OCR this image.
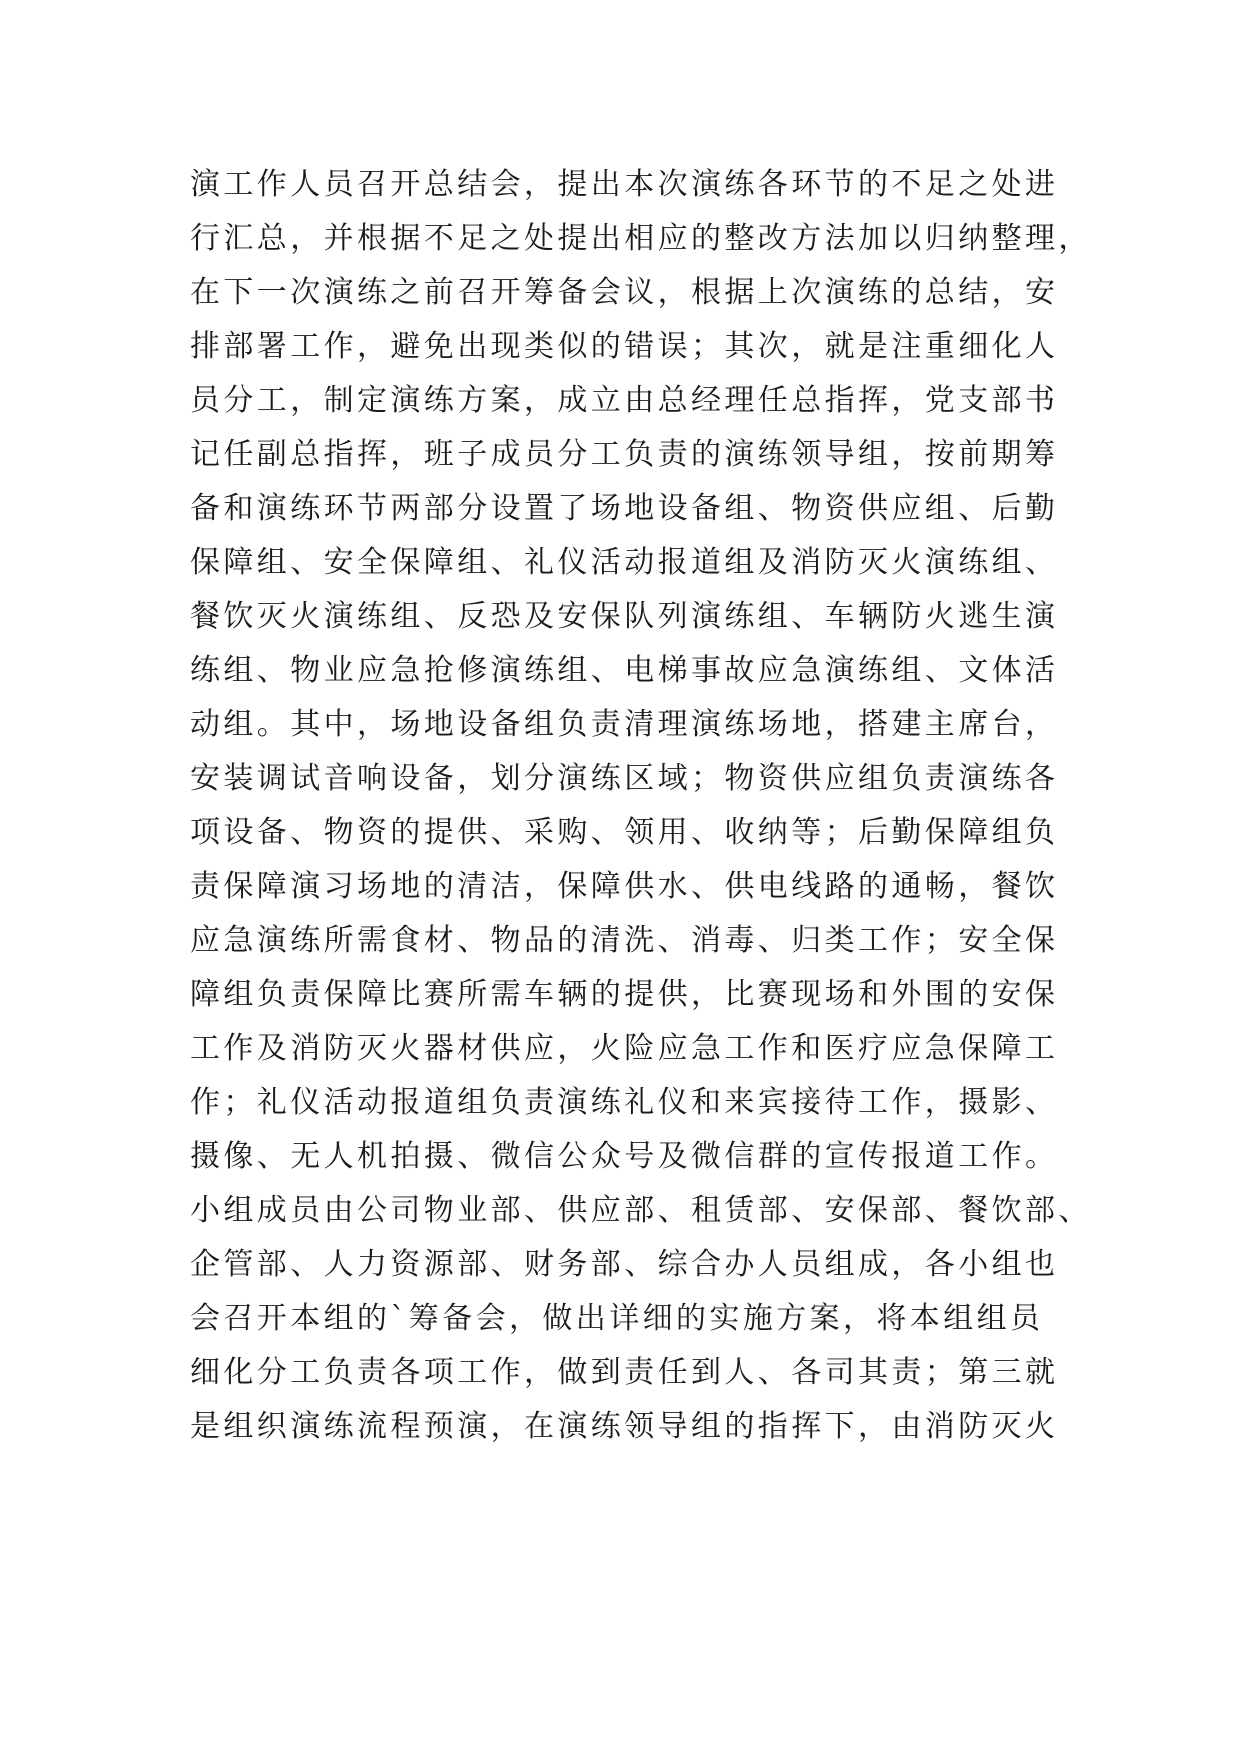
演工作人员召开总结会，提出本次演练各环节的不足之处进
行汇总，并根据不足之处提出相应的整改方法加以归纳整理，
在下一次演练之前召开筹备会议，根据上次演练的总结，安
排部署工作，避免出现类似的错误；其次，就是注重细化人
员分工，制定演练方案，成立由总经理任总指挥，党支部书
记任副总指挥，班子成员分工负责的演练领导组，按前期筹
备和演练环节两部分设置了场地设备组、物资供应组、后勤
保障组、安全保障组、礼仪活动报道组及消防灭火演练组、
餐饮灭火演练组、反恐及安保队列演练组、车辆防火逃生演
练组、物业应急抢修演练组、电梯事故应急演练组、文体活
动组。其中，场地设备组负责清理演练场地，搭建主席台，
安装调试音响设备，划分演练区域；物资供应组负责演练各
项设备、物资的提供、采购、领用、收纳等；后勤保障组负
责保障演习场地的清洁，保障供水、供电线路的通畅，餐饮
应急演练所需食材、物品的清洗、消毒、归类工作；安全保
障组负责保障比赛所需车辆的提供，比赛现场和外围的安保
工作及消防灭火器材供应，火险应急工作和医疗应急保障工
作；礼仪活动报道组负责演练礼仪和来宾接待工作，摄影、
摄像、无人机拍摄、微信公众号及微信群的宣传报道工作。
小组成员由公司物业部、供应部、租赁部、安保部、餐饮部、
企管部、人力资源部、财务部、综合办人员组成，各小组也
会召开本组的`筹备会，做出详细的实施方案，将本组组员
细化分工负责各项工作，做到责任到人、各司其责；第三就
是组织演练流程预演，在演练领导组的指挥下，由消防灭火
